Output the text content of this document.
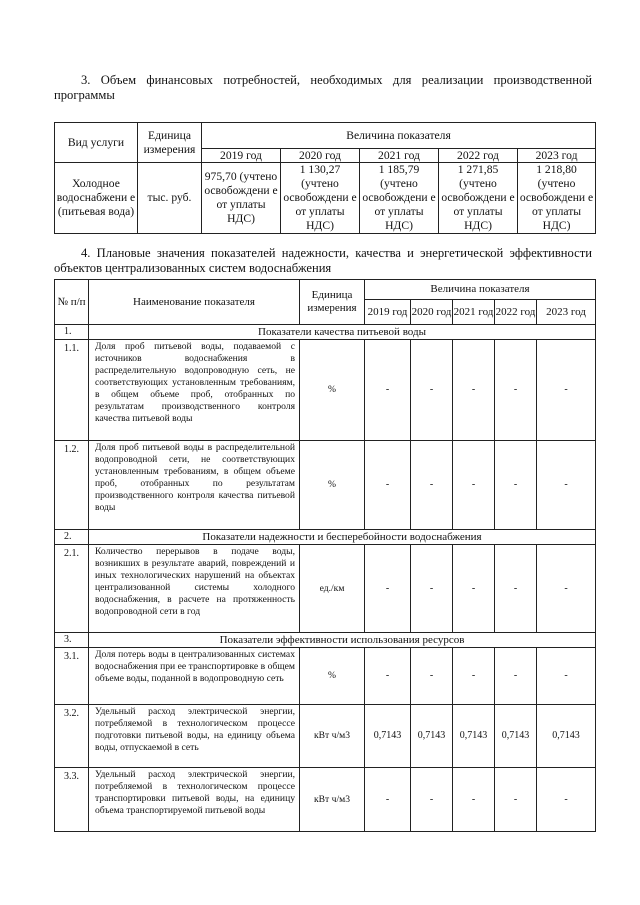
3. Объем финансовых потребностей, необходимых для реализации производственной программы
Вид услуги	Единица измерения	Величина показателя				
		2019 год	2020 год	2021 год	2022 год	2023 год
Холодное водоснабжени е (питьевая вода)	тыс. руб.	975,70 (учтено освобождени е от уплаты НДС)	1 130,27 (учтено освобождени е от уплаты НДС)	1 185,79 (учтено освобождени е от уплаты НДС)	1 271,85 (учтено освобождени е от уплаты НДС)	1 218,80 (учтено освобождени е от уплаты НДС)
4. Плановые значения показателей надежности, качества и энергетической эффективности объектов централизованных систем водоснабжения
№ п/п	Наименование показателя	Единица измерения	Величина показателя				
			2019 год	2020 год	2021 год	2022 год	2023 год
1.	Показатели качества питьевой воды						
1.1.	Доля проб питьевой воды, подаваемой с источников водоснабжения в распределительную водопроводную сеть, не соответствующих установленным требованиям, в общем объеме проб, отобранных по результатам производственного контроля качества питьевой воды	%	-	-	-	-	-
1.2.	Доля проб питьевой воды в распределительной водопроводной сети, не соответствующих установленным требованиям, в общем объеме проб, отобранных по результатам производственного контроля качества питьевой воды	%	-	-	-	-	-
2.	Показатели надежности и бесперебойности водоснабжения						
2.1.	Количество перерывов в подаче воды, возникших в результате аварий, повреждений и иных технологических нарушений на объектах централизованной системы холодного водоснабжения, в расчете на протяженность водопроводной сети в год	ед./км	-	-	-	-	-
3.	Показатели эффективности использования ресурсов						
3.1.	Доля потерь воды в централизованных системах водоснабжения при ее транспортировке в общем объеме воды, поданной в водопроводную сеть	%	-	-	-	-	-
3.2.	Удельный расход электрической энергии, потребляемой в технологическом процессе подготовки питьевой воды, на единицу объема воды, отпускаемой в сеть	кВт ч/м3	0,7143	0,7143	0,7143	0,7143	0,7143
3.3.	Удельный расход электрической энергии, потребляемой в технологическом процессе транспортировки питьевой воды, на единицу объема транспортируемой питьевой воды	кВт ч/м3	-	-	-	-	-
